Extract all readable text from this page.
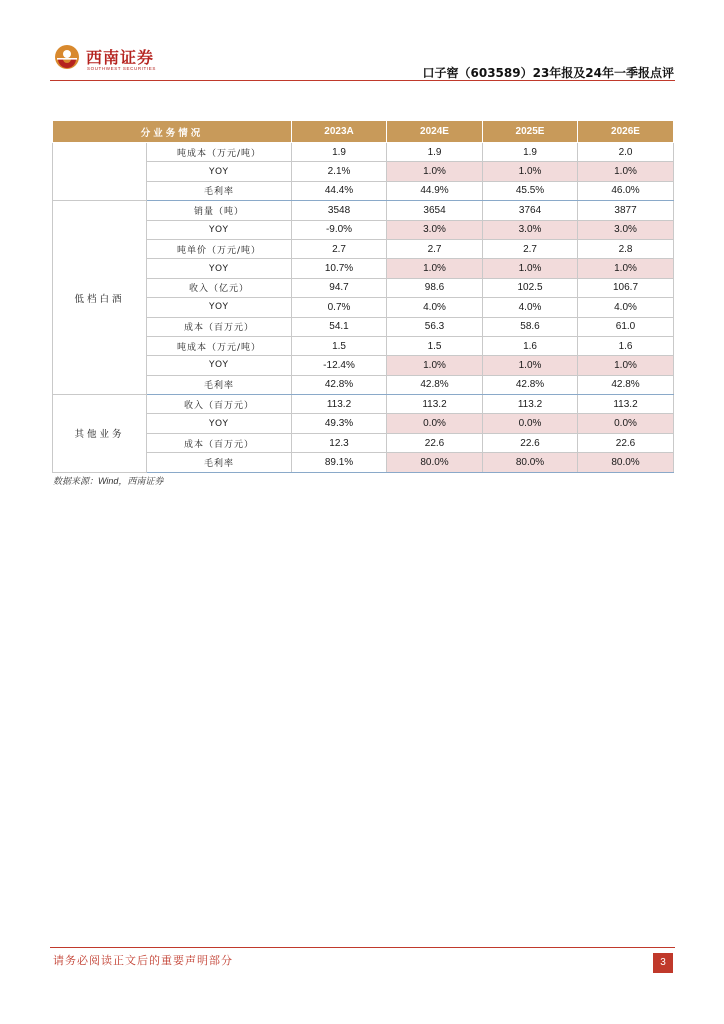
西南证券
SOUTHWEST SECURITIES	口子窖（603589）23年报及24年一季报点评
分业务情况		2023A	2024E	2025E	2026E
	吨成本（万元/吨）	1.9	1.9	1.9	2.0
	YOY	2.1%	1.0%	1.0%	1.0%
	毛利率	44.4%	44.9%	45.5%	46.0%
低档白酒	销量（吨）	3548	3654	3764	3877
	YOY	-9.0%	3.0%	3.0%	3.0%
	吨单价（万元/吨）	2.7	2.7	2.7	2.8
	YOY	10.7%	1.0%	1.0%	1.0%
	收入（亿元）	94.7	98.6	102.5	106.7
	YOY	0.7%	4.0%	4.0%	4.0%
	成本（百万元）	54.1	56.3	58.6	61.0
	吨成本（万元/吨）	1.5	1.5	1.6	1.6
	YOY	-12.4%	1.0%	1.0%	1.0%
	毛利率	42.8%	42.8%	42.8%	42.8%
其他业务	收入（百万元）	113.2	113.2	113.2	113.2
	YOY	49.3%	0.0%	0.0%	0.0%
	成本（百万元）	12.3	22.6	22.6	22.6
	毛利率	89.1%	80.0%	80.0%	80.0%
数据来源：Wind，西南证券
请务必阅读正文后的重要声明部分	3
